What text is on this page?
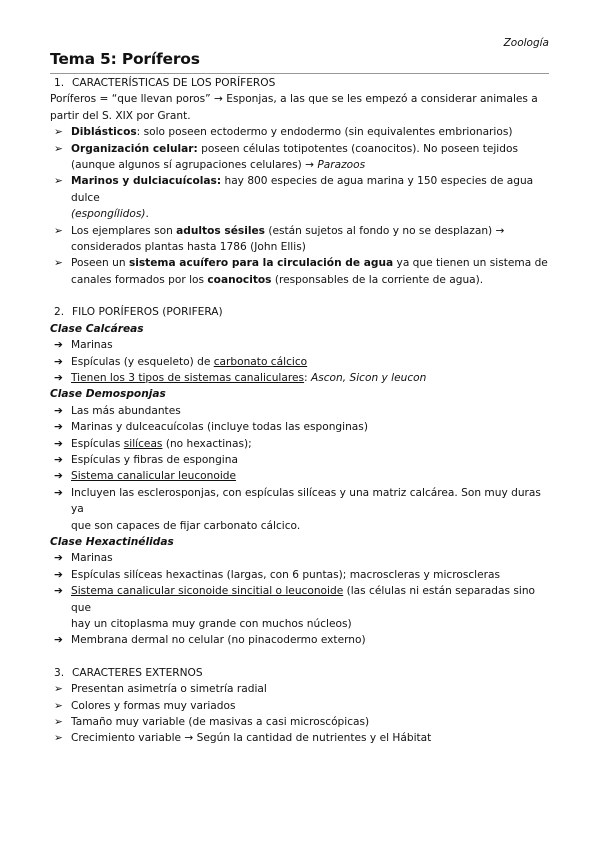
Zoología
Tema 5: Poríferos

1. CARACTERÍSTICAS DE LOS PORÍFEROS

Poríferos = “que llevan poros” → Esponjas, a las que se les empezó a considerar animales a
partir del S. XIX por Grant.

➢ Diblásticos: solo poseen ectodermo y endodermo (sin equivalentes embrionarios)
➢ Organización celular: poseen células totipotentes (coanocitos). No poseen tejidos
(aunque algunos sí agrupaciones celulares) → Parazoos
➢ Marinos y dulciacuícolas: hay 800 especies de agua marina y 150 especies de agua dulce
(espongílidos).
➢ Los ejemplares son adultos sésiles (están sujetos al fondo y no se desplazan) →
considerados plantas hasta 1786 (John Ellis)
➢ Poseen un sistema acuífero para la circulación de agua ya que tienen un sistema de
canales formados por los coanocitos (responsables de la corriente de agua).

2. FILO PORÍFEROS (PORIFERA)

Clase Calcáreas

➔ Marinas
➔ Espículas (y esqueleto) de carbonato cálcico
➔ Tienen los 3 tipos de sistemas canaliculares: Ascon, Sicon y leucon

Clase Demosponjas

➔ Las más abundantes
➔ Marinas y dulceacuícolas (incluye todas las esponginas)
➔ Espículas silíceas (no hexactinas);
➔ Espículas y fibras de espongina
➔ Sistema canalicular leuconoide
➔ Incluyen las esclerosponjas, con espículas silíceas y una matriz calcárea. Son muy duras ya
que son capaces de fijar carbonato cálcico.

Clase Hexactinélidas

➔ Marinas
➔ Espículas silíceas hexactinas (largas, con 6 puntas); macroscleras y microscleras
➔ Sistema canalicular siconoide sincitial o leuconoide (las células ni están separadas sino que
hay un citoplasma muy grande con muchos núcleos)
➔ Membrana dermal no celular (no pinacodermo externo)

3. CARACTERES EXTERNOS

➢ Presentan asimetría o simetría radial
➢ Colores y formas muy variados
➢ Tamaño muy variable (de masivas a casi microscópicas)
➢ Crecimiento variable → Según la cantidad de nutrientes y el Hábitat
